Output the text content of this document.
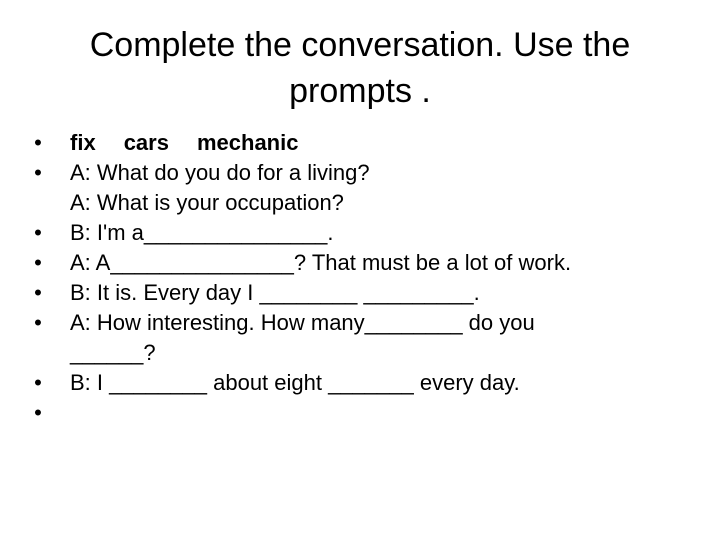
Complete the conversation. Use the
prompts .
• fix cars mechanic
• A: What do you do for a living?
A: What is your occupation?
• B: I'm a_______________.
• A: A_______________? That must be a lot of work.
• B: It is. Every day I ________ _________.
• A: How interesting. How many________ do you
______?
• B: I ________ about eight _______ every day.
•
